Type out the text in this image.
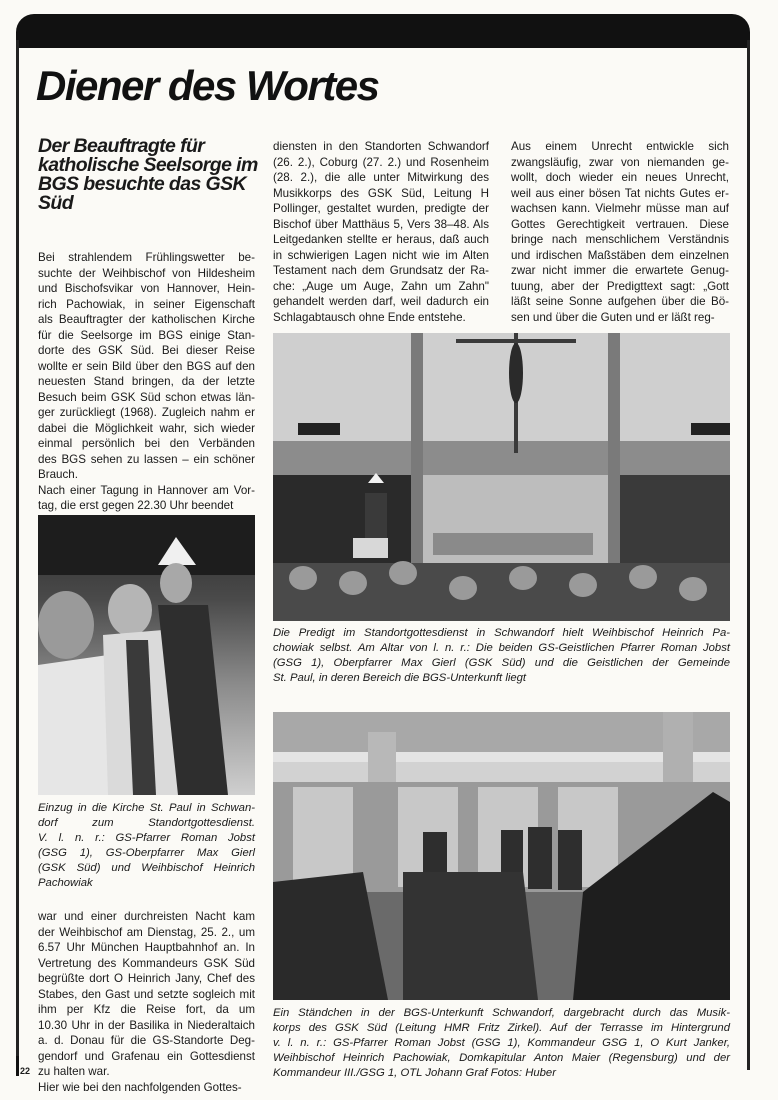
Diener des Wortes
Der Beauftragte für katholische Seelsorge im BGS besuchte das GSK Süd
Bei strahlendem Frühlingswetter be-
suchte der Weihbischof von Hildesheim
und Bischofsvikar von Hannover, Hein-
rich Pachowiak, in seiner Eigenschaft
als Beauftragter der katholischen Kirche
für die Seelsorge im BGS einige Stan-
dorte des GSK Süd. Bei dieser Reise
wollte er sein Bild über den BGS auf den
neuesten Stand bringen, da der letzte
Besuch beim GSK Süd schon etwas län-
ger zurückliegt (1968). Zugleich nahm er
dabei die Möglichkeit wahr, sich wieder
einmal persönlich bei den Verbänden
des BGS sehen zu lassen – ein schöner
Brauch.
Nach einer Tagung in Hannover am Vor-
tag, die erst gegen 22.30 Uhr beendet
Einzug in die Kirche St. Paul in Schwan-
dorf zum Standortgottesdienst.
V. l. n. r.: GS-Pfarrer Roman Jobst
(GSG 1), GS-Oberpfarrer Max Gierl
(GSK Süd) und Weihbischof Heinrich
Pachowiak
war und einer durchreisten Nacht kam
der Weihbischof am Dienstag, 25. 2., um
6.57 Uhr München Hauptbahnhof an. In
Vertretung des Kommandeurs GSK Süd
begrüßte dort O Heinrich Jany, Chef des
Stabes, den Gast und setzte sogleich mit
ihm per Kfz die Reise fort, da um
10.30 Uhr in der Basilika in Niederaltaich
a. d. Donau für die GS-Standorte Deg-
gendorf und Grafenau ein Gottesdienst
zu halten war.
Hier wie bei den nachfolgenden Gottes-
diensten in den Standorten Schwandorf
(26. 2.), Coburg (27. 2.) und Rosenheim
(28. 2.), die alle unter Mitwirkung des
Musikkorps des GSK Süd, Leitung H
Pollinger, gestaltet wurden, predigte der
Bischof über Matthäus 5, Vers 38–48. Als
Leitgedanken stellte er heraus, daß auch
in schwierigen Lagen nicht wie im Alten
Testament nach dem Grundsatz der Ra-
che: „Auge um Auge, Zahn um Zahn"
gehandelt werden darf, weil dadurch ein
Schlagabtausch ohne Ende entstehe.
Aus einem Unrecht entwickle sich
zwangsläufig, zwar von niemanden ge-
wollt, doch wieder ein neues Unrecht,
weil aus einer bösen Tat nichts Gutes er-
wachsen kann. Vielmehr müsse man auf
Gottes Gerechtigkeit vertrauen. Diese
bringe nach menschlichem Verständnis
und irdischen Maßstäben dem einzelnen
zwar nicht immer die erwartete Genug-
tuung, aber der Predigttext sagt: „Gott
läßt seine Sonne aufgehen über die Bö-
sen und über die Guten und er läßt reg-
Die Predigt im Standortgottesdienst in Schwandorf hielt Weihbischof Heinrich Pa-
chowiak selbst. Am Altar von l. n. r.: Die beiden GS-Geistlichen Pfarrer Roman Jobst
(GSG 1), Oberpfarrer Max Gierl (GSK Süd) und die Geistlichen der Gemeinde
St. Paul, in deren Bereich die BGS-Unterkunft liegt
Ein Ständchen in der BGS-Unterkunft Schwandorf, dargebracht durch das Musik-
korps des GSK Süd (Leitung HMR Fritz Zirkel). Auf der Terrasse im Hintergrund
v. l. n. r.: GS-Pfarrer Roman Jobst (GSG 1), Kommandeur GSG 1, O Kurt Janker,
Weihbischof Heinrich Pachowiak, Domkapitular Anton Maier (Regensburg) und der
Kommandeur III./GSG 1, OTL Johann Graf Fotos: Huber
22
